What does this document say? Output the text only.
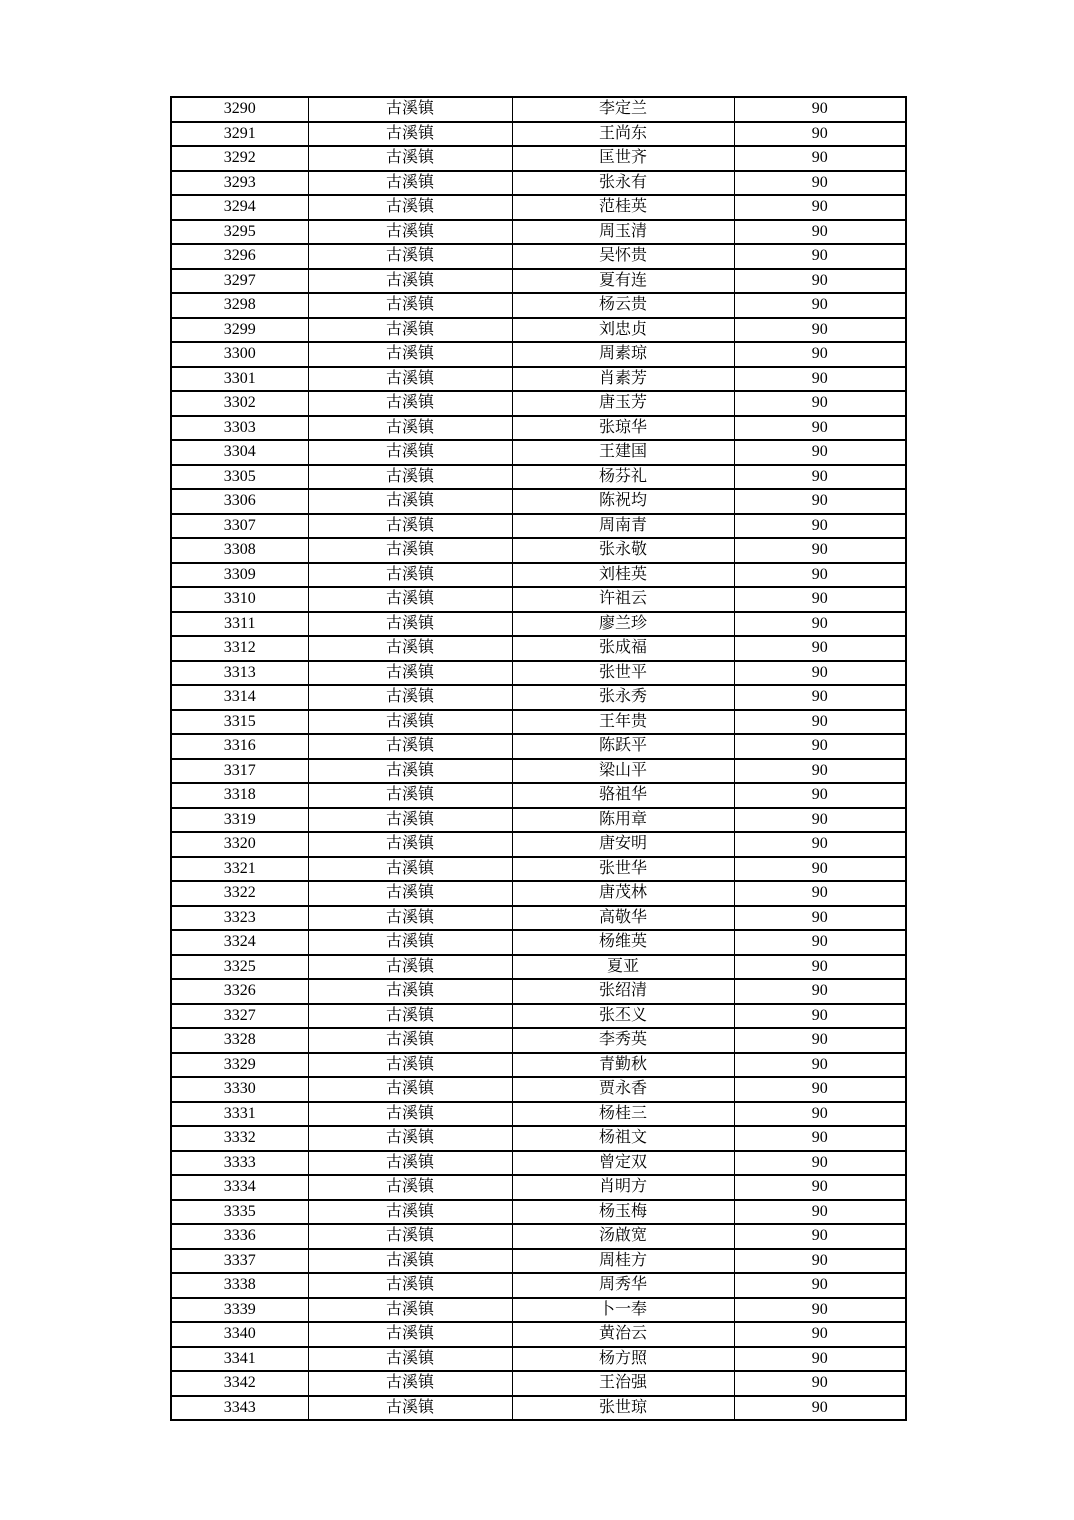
3290	古溪镇	李定兰	90
3291	古溪镇	王尚东	90
3292	古溪镇	匡世齐	90
3293	古溪镇	张永有	90
3294	古溪镇	范桂英	90
3295	古溪镇	周玉清	90
3296	古溪镇	吴怀贵	90
3297	古溪镇	夏有连	90
3298	古溪镇	杨云贵	90
3299	古溪镇	刘忠贞	90
3300	古溪镇	周素琼	90
3301	古溪镇	肖素芳	90
3302	古溪镇	唐玉芳	90
3303	古溪镇	张琼华	90
3304	古溪镇	王建国	90
3305	古溪镇	杨芬礼	90
3306	古溪镇	陈祝均	90
3307	古溪镇	周南青	90
3308	古溪镇	张永敬	90
3309	古溪镇	刘桂英	90
3310	古溪镇	许祖云	90
3311	古溪镇	廖兰珍	90
3312	古溪镇	张成福	90
3313	古溪镇	张世平	90
3314	古溪镇	张永秀	90
3315	古溪镇	王年贵	90
3316	古溪镇	陈跃平	90
3317	古溪镇	梁山平	90
3318	古溪镇	骆祖华	90
3319	古溪镇	陈用章	90
3320	古溪镇	唐安明	90
3321	古溪镇	张世华	90
3322	古溪镇	唐茂林	90
3323	古溪镇	高敬华	90
3324	古溪镇	杨维英	90
3325	古溪镇	夏亚	90
3326	古溪镇	张绍清	90
3327	古溪镇	张丕义	90
3328	古溪镇	李秀英	90
3329	古溪镇	青勤秋	90
3330	古溪镇	贾永香	90
3331	古溪镇	杨桂三	90
3332	古溪镇	杨祖文	90
3333	古溪镇	曾定双	90
3334	古溪镇	肖明方	90
3335	古溪镇	杨玉梅	90
3336	古溪镇	汤啟宽	90
3337	古溪镇	周桂方	90
3338	古溪镇	周秀华	90
3339	古溪镇	卜一奉	90
3340	古溪镇	黄治云	90
3341	古溪镇	杨方照	90
3342	古溪镇	王治强	90
3343	古溪镇	张世琼	90
